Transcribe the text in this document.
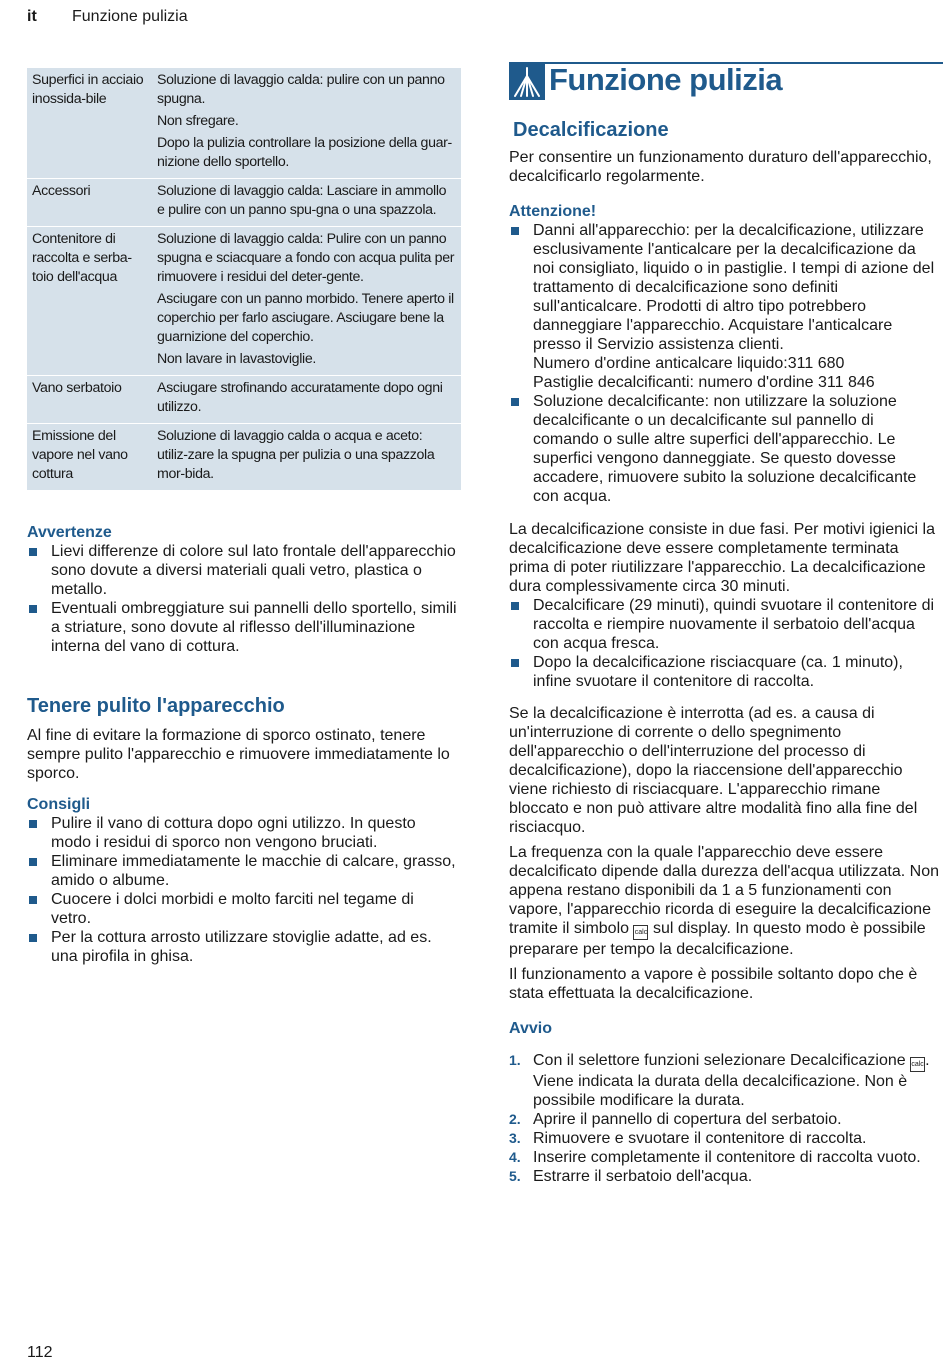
it Funzione pulizia
Superfici in acciaio inossida-bile	Soluzione di lavaggio calda: pulire con un panno spugna.

Non sfregare.

Dopo la pulizia controllare la posizione della guar-nizione dello sportello.

Accessori	Soluzione di lavaggio calda: Lasciare in ammollo e pulire con un panno spu-gna o una spazzola.

Contenitore di raccolta e serba-toio dell'acqua	Soluzione di lavaggio calda: Pulire con un panno spugna e sciacquare a fondo con acqua pulita per rimuovere i residui del deter-gente.

Asciugare con un panno morbido. Tenere aperto il coperchio per farlo asciugare. Asciugare bene la guarnizione del coperchio.

Non lavare in lavastoviglie.

Vano serbatoio	Asciugare strofinando accuratamente dopo ogni utilizzo.

Emissione del vapore nel vano cottura	Soluzione di lavaggio calda o acqua e aceto: utiliz-zare la spugna per pulizia o una spazzola mor-bida.

Avvertenze

Lievi differenze di colore sul lato frontale dell'apparecchio sono dovute a diversi materiali quali vetro, plastica o metallo.
Eventuali ombreggiature sui pannelli dello sportello, simili a striature, sono dovute al riflesso dell'illuminazione interna del vano di cottura.
Tenere pulito l'apparecchio

Al fine di evitare la formazione di sporco ostinato, tenere sempre pulito l'apparecchio e rimuovere immediatamente lo sporco.

Consigli

Pulire il vano di cottura dopo ogni utilizzo. In questo modo i residui di sporco non vengono bruciati.
Eliminare immediatamente le macchie di calcare, grasso, amido o albume.
Cuocere i dolci morbidi e molto farciti nel tegame di vetro.
Per la cottura arrosto utilizzare stoviglie adatte, ad es. una pirofila in ghisa.
Funzione pulizia
Decalcificazione

Per consentire un funzionamento duraturo dell'apparecchio, decalcificarlo regolarmente.

Attenzione!

Danni all'apparecchio: per la decalcificazione, utilizzare esclusivamente l'anticalcare per la decalcificazione da noi consigliato, liquido o in pastiglie. I tempi di azione del trattamento di decalcificazione sono definiti sull'anticalcare. Prodotti di altro tipo potrebbero danneggiare l'apparecchio. Acquistare l'anticalcare presso il Servizio assistenza clienti.
Numero d'ordine anticalcare liquido:311 680
Pastiglie decalcificanti: numero d'ordine 311 846
Soluzione decalcificante: non utilizzare la soluzione decalcificante o un decalcificante sul pannello di comando o sulle altre superfici dell'apparecchio. Le superfici vengono danneggiate. Se questo dovesse accadere, rimuovere subito la soluzione decalcificante con acqua.

La decalcificazione consiste in due fasi. Per motivi igienici la decalcificazione deve essere completamente terminata prima di poter riutilizzare l'apparecchio. La decalcificazione dura complessivamente circa 30 minuti.

Decalcificare (29 minuti), quindi svuotare il contenitore di raccolta e riempire nuovamente il serbatoio dell'acqua con acqua fresca.
Dopo la decalcificazione risciacquare (ca. 1 minuto), infine svuotare il contenitore di raccolta.

Se la decalcificazione è interrotta (ad es. a causa di un'interruzione di corrente o dello spegnimento dell'apparecchio o dell'interruzione del processo di decalcificazione), dopo la riaccensione dell'apparecchio viene richiesto di risciacquare. L'apparecchio rimane bloccato e non può attivare altre modalità fino alla fine del risciacquo.

La frequenza con la quale l'apparecchio deve essere decalcificato dipende dalla durezza dell'acqua utilizzata. Non appena restano disponibili da 1 a 5 funzionamenti con vapore, l'apparecchio ricorda di eseguire la decalcificazione tramite il simbolo calc sul display. In questo modo è possibile preparare per tempo la decalcificazione.

Il funzionamento a vapore è possibile soltanto dopo che è stata effettuata la decalcificazione.

Avvio

1. Con il selettore funzioni selezionare Decalcificazione calc.
Viene indicata la durata della decalcificazione. Non è possibile modificare la durata.
2. Aprire il pannello di copertura del serbatoio.
3. Rimuovere e svuotare il contenitore di raccolta.
4. Inserire completamente il contenitore di raccolta vuoto.
5. Estrarre il serbatoio dell'acqua.
112
